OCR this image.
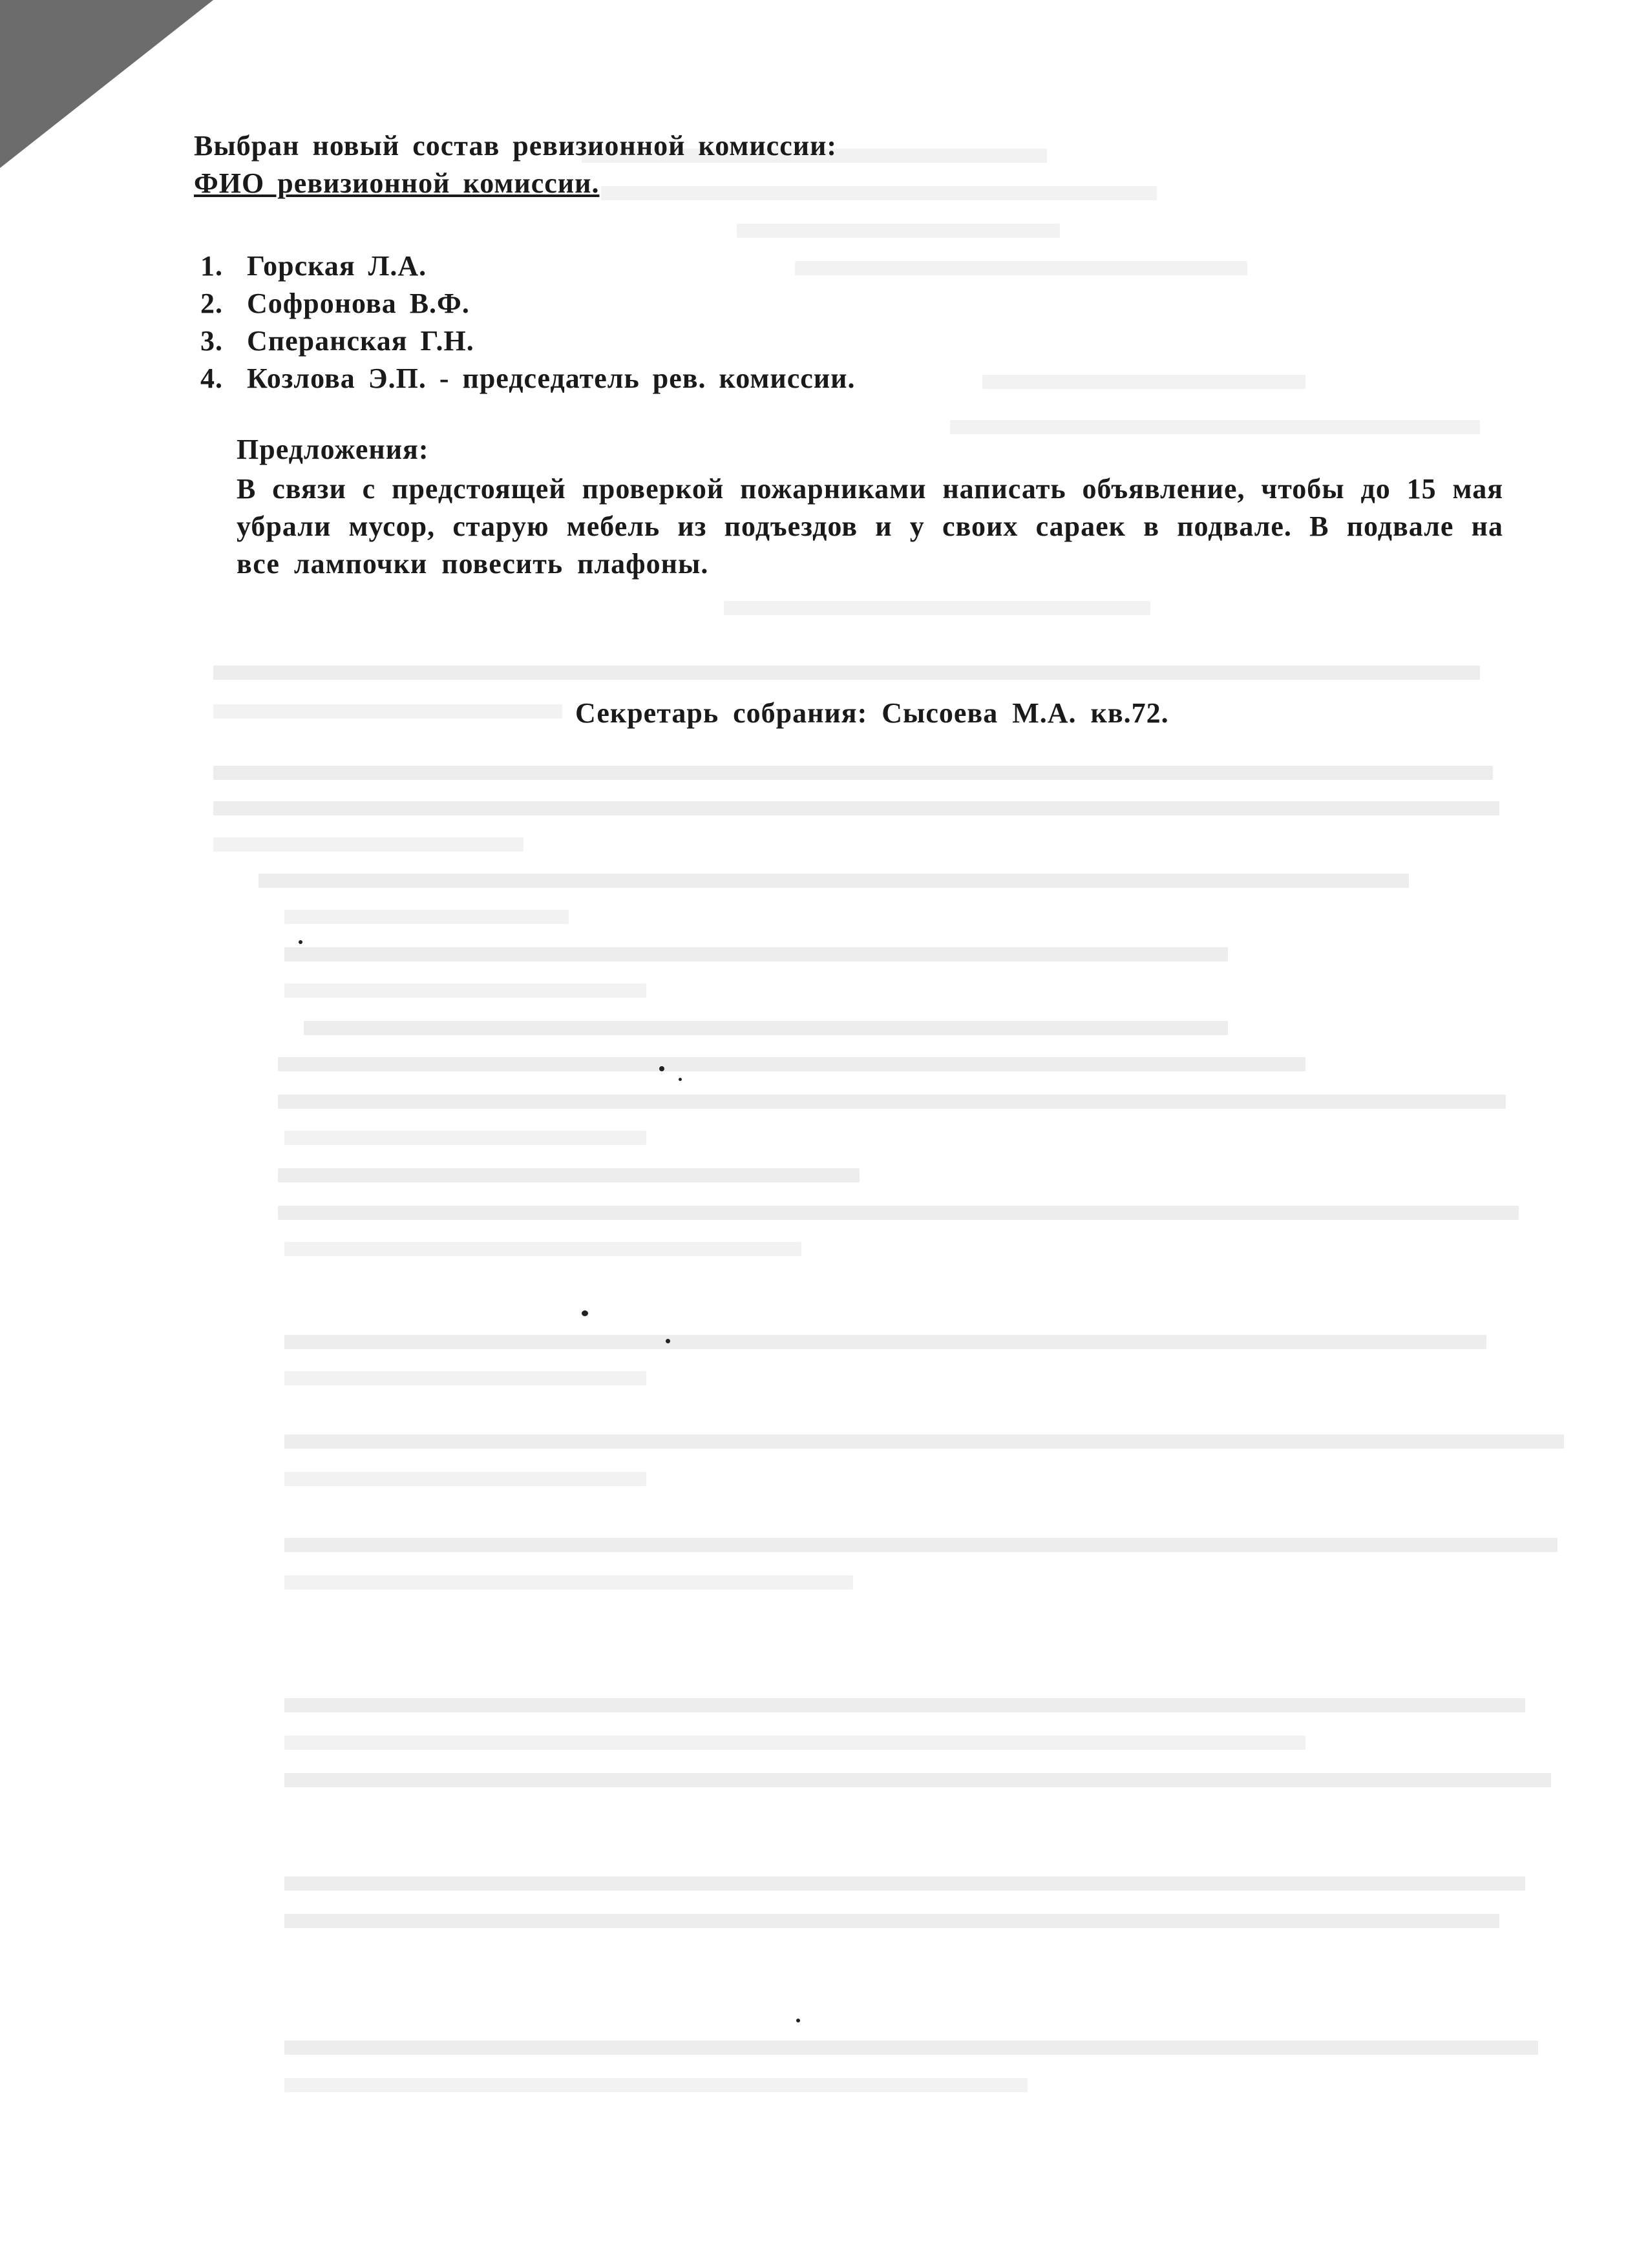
Выбран новый состав ревизионной комиссии:
ФИО ревизионной комиссии.
1. Горская Л.А.
2. Софронова В.Ф.
3. Сперанская Г.Н.
4. Козлова Э.П. - председатель рев. комиссии.
Предложения:
В связи с предстоящей проверкой пожарниками написать объявление, чтобы до 15 мая убрали мусор, старую мебель из подъездов и у своих сараек в подвале. В подвале на все лампочки повесить плафоны.
Секретарь собрания: Сысоева М.А. кв.72.
